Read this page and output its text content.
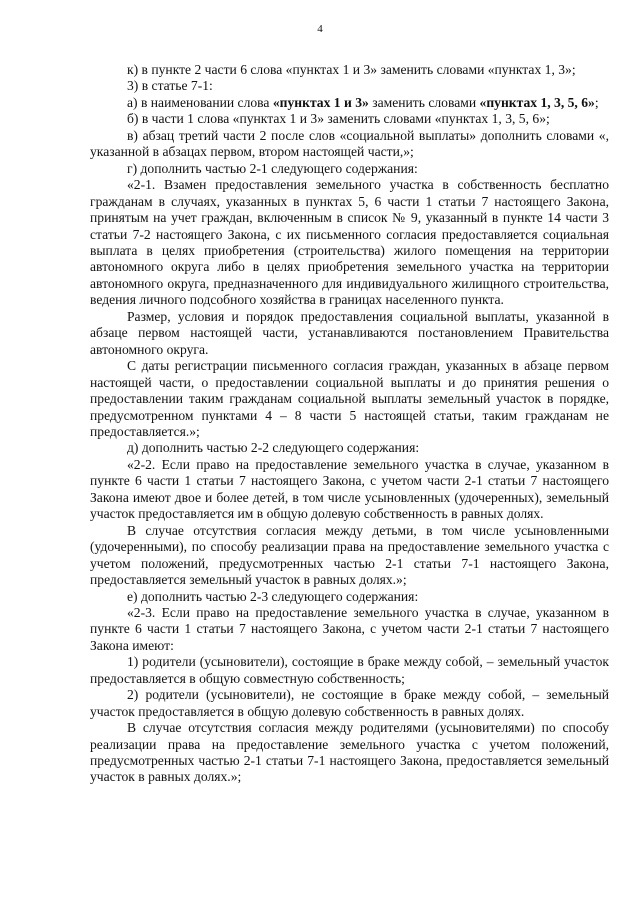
4

к) в пункте 2 части 6 слова «пунктах 1 и 3» заменить словами «пунктах 1, 3»;

3) в статье 7-1:

а) в наименовании слова «пунктах 1 и 3» заменить словами «пунктах 1, 3, 5, 6»;

б) в части 1 слова «пунктах 1 и 3» заменить словами «пунктах 1, 3, 5, 6»;

в) абзац третий части 2 после слов «социальной выплаты» дополнить словами «, указанной в абзацах первом, втором настоящей части,»;

г) дополнить частью 2-1 следующего содержания:

«2-1. Взамен предоставления земельного участка в собственность бесплатно гражданам в случаях, указанных в пунктах 5, 6 части 1 статьи 7 настоящего Закона, принятым на учет граждан, включенным в список № 9, указанный в пункте 14 части 3 статьи 7-2 настоящего Закона, с их письменного согласия предоставляется социальная выплата в целях приобретения (строительства) жилого помещения на территории автономного округа либо в целях приобретения земельного участка на территории автономного округа, предназначенного для индивидуального жилищного строительства, ведения личного подсобного хозяйства в границах населенного пункта.

Размер, условия и порядок предоставления социальной выплаты, указанной в абзаце первом настоящей части, устанавливаются постановлением Правительства автономного округа.

С даты регистрации письменного согласия граждан, указанных в абзаце первом настоящей части, о предоставлении социальной выплаты и до принятия решения о предоставлении таким гражданам социальной выплаты земельный участок в порядке, предусмотренном пунктами 4 – 8 части 5 настоящей статьи, таким гражданам не предоставляется.»;

д) дополнить частью 2-2 следующего содержания:

«2-2. Если право на предоставление земельного участка в случае, указанном в пункте 6 части 1 статьи 7 настоящего Закона, с учетом части 2-1 статьи 7 настоящего Закона имеют двое и более детей, в том числе усыновленных (удочеренных), земельный участок предоставляется им в общую долевую собственность в равных долях.

В случае отсутствия согласия между детьми, в том числе усыновленными (удочеренными), по способу реализации права на предоставление земельного участка с учетом положений, предусмотренных частью 2-1 статьи 7-1 настоящего Закона, предоставляется земельный участок в равных долях.»;

е) дополнить частью 2-3 следующего содержания:

«2-3. Если право на предоставление земельного участка в случае, указанном в пункте 6 части 1 статьи 7 настоящего Закона, с учетом части 2-1 статьи 7 настоящего Закона имеют:

1) родители (усыновители), состоящие в браке между собой, – земельный участок предоставляется в общую совместную собственность;

2) родители (усыновители), не состоящие в браке между собой, – земельный участок предоставляется в общую долевую собственность в равных долях.

В случае отсутствия согласия между родителями (усыновителями) по способу реализации права на предоставление земельного участка с учетом положений, предусмотренных частью 2-1 статьи 7-1 настоящего Закона, предоставляется земельный участок в равных долях.»;
